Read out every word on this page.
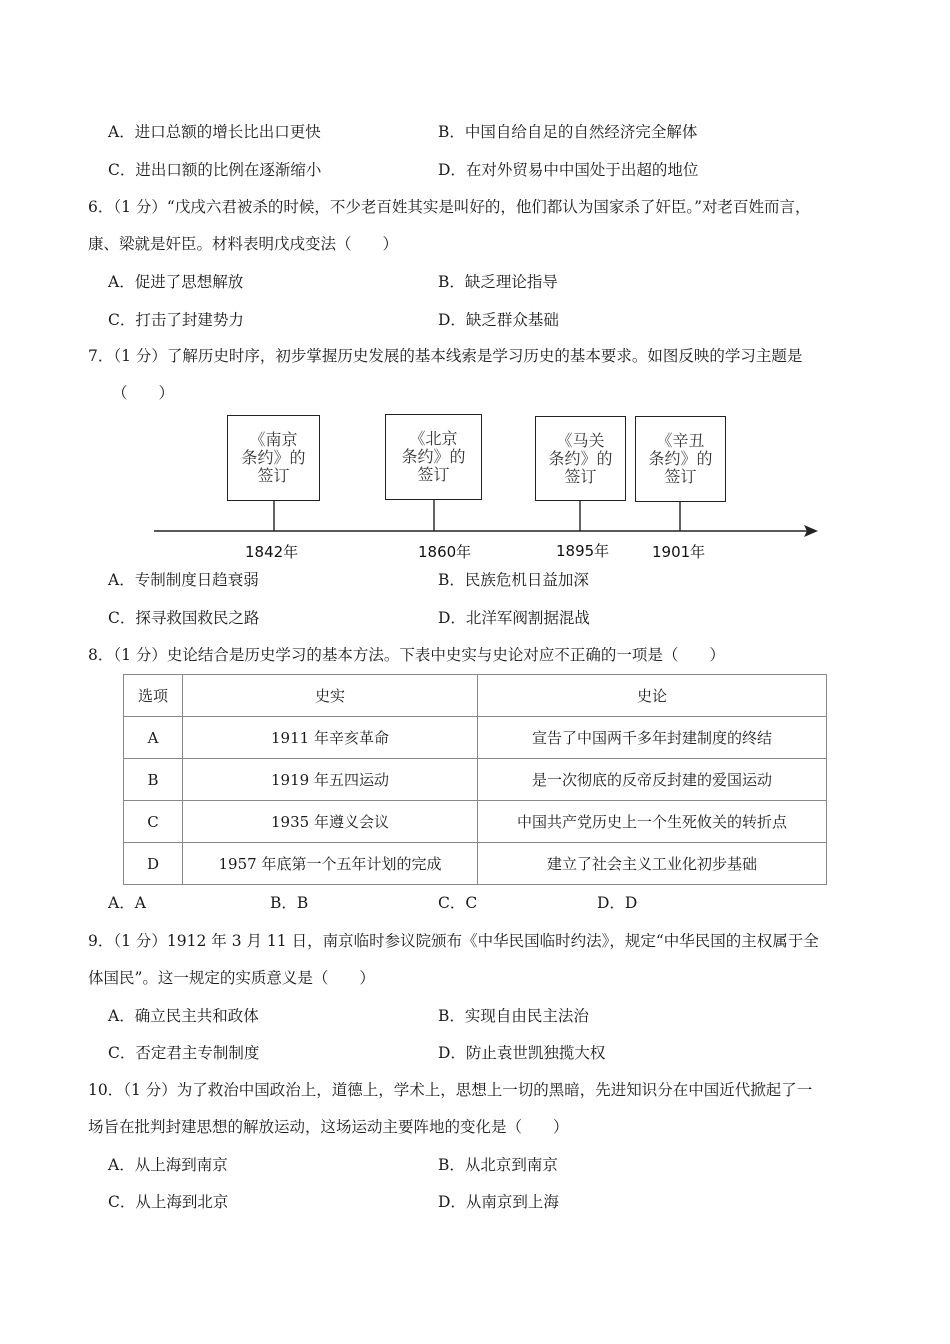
A．进口总额的增长比出口更快	B．中国自给自足的自然经济完全解体
C．进出口额的比例在逐渐缩小	D．在对外贸易中中国处于出超的地位
6．（1 分）“戊戌六君被杀的时候，不少老百姓其实是叫好的，他们都认为国家杀了奸臣。”对老百姓而言，
康、梁就是奸臣。材料表明戊戌变法（　　）
A．促进了思想解放	B．缺乏理论指导
C．打击了封建势力	D．缺乏群众基础
7．（1 分）了解历史时序，初步掌握历史发展的基本线索是学习历史的基本要求。如图反映的学习主题是
（　　）
《南京
条约》的
签订
《北京
条约》的
签订
《马关
条约》的
签订
《辛丑
条约》的
签订
1842年	1860年	1895年	1901年
A．专制制度日趋衰弱	B．民族危机日益加深
C．探寻救国救民之路	D．北洋军阀割据混战
8．（1 分）史论结合是历史学习的基本方法。下表中史实与史论对应不正确的一项是（　　）
选项	史实	史论
A	1911 年辛亥革命	宣告了中国两千多年封建制度的终结
B	1919 年五四运动	是一次彻底的反帝反封建的爱国运动
C	1935 年遵义会议	中国共产党历史上一个生死攸关的转折点
D	1957 年底第一个五年计划的完成	建立了社会主义工业化初步基础
A．A	B．B	C．C	D．D
9．（1 分）1912 年 3 月 11 日，南京临时参议院颁布《中华民国临时约法》，规定“中华民国的主权属于全
体国民”。这一规定的实质意义是（　　）
A．确立民主共和政体	B．实现自由民主法治
C．否定君主专制制度	D．防止袁世凯独揽大权
10．（1 分）为了救治中国政治上，道德上，学术上，思想上一切的黑暗，先进知识分在中国近代掀起了一
场旨在批判封建思想的解放运动，这场运动主要阵地的变化是（　　）
A．从上海到南京	B．从北京到南京
C．从上海到北京	D．从南京到上海
